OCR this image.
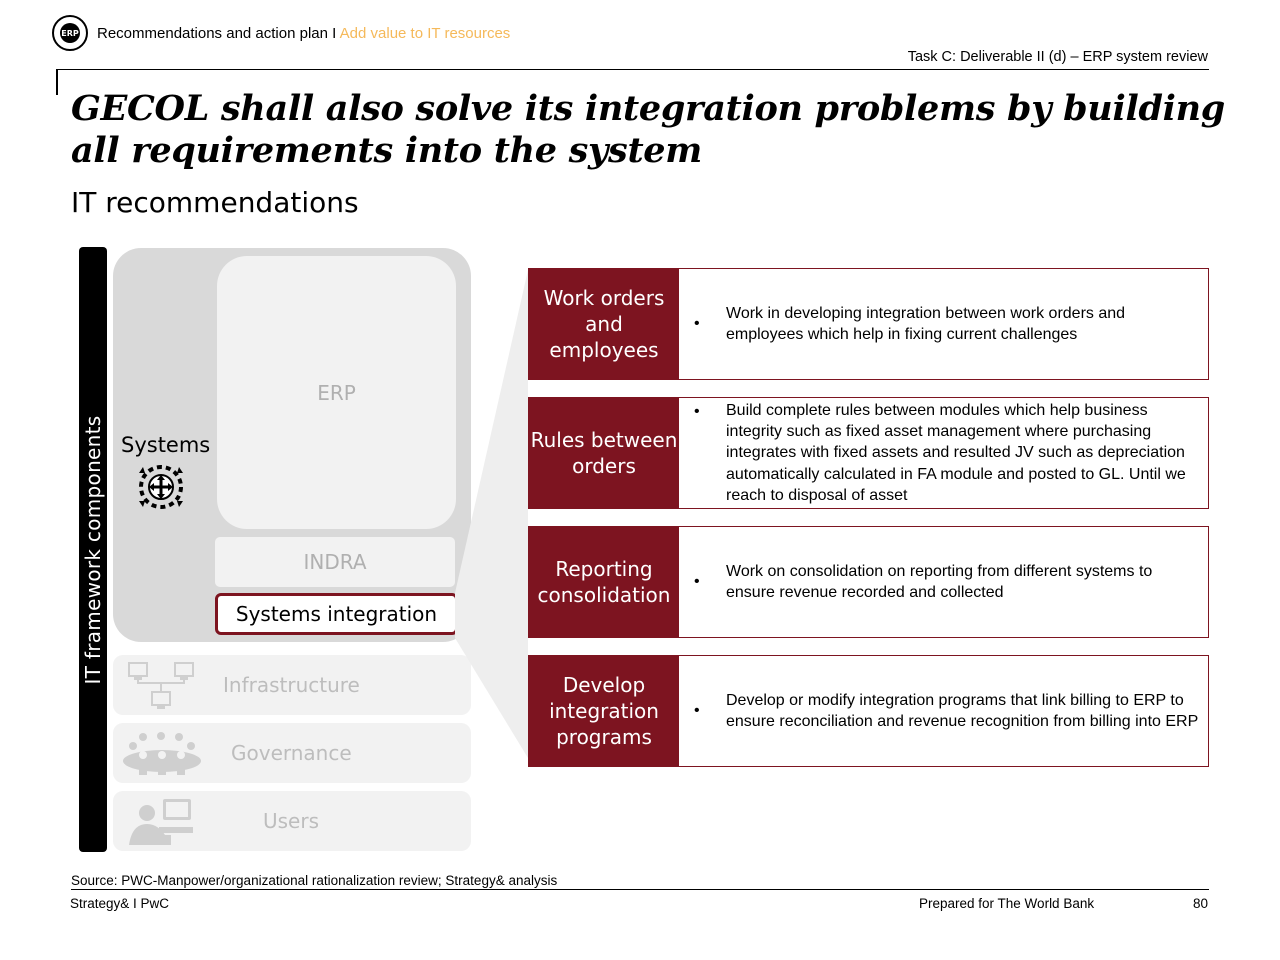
ERP Recommendations and action plan I Add value to IT resources
Task C: Deliverable II (d) – ERP system review
GECOL shall also solve its integration problems by building all requirements into the system
IT recommendations
IT framework components
ERP
INDRA
Systems integration
Systems
Infrastructure
Governance
Users
Work orders and employees
•
Work in developing integration between work orders and employees which help in fixing current challenges
Rules between orders
• Build complete rules between modules which help business integrity such as fixed asset management where purchasing integrates with fixed assets and resulted JV such as depreciation automatically calculated in FA module and posted to GL. Until we reach to disposal of asset
Reporting consolidation
•
Work on consolidation on reporting from different systems to ensure revenue recorded and collected
Develop integration programs
•
Develop or modify integration programs that link billing to ERP to ensure reconciliation and revenue recognition from billing into ERP
Source: PWC-Manpower/organizational rationalization review; Strategy& analysis
Strategy& I PwC	Prepared for The World Bank	80
